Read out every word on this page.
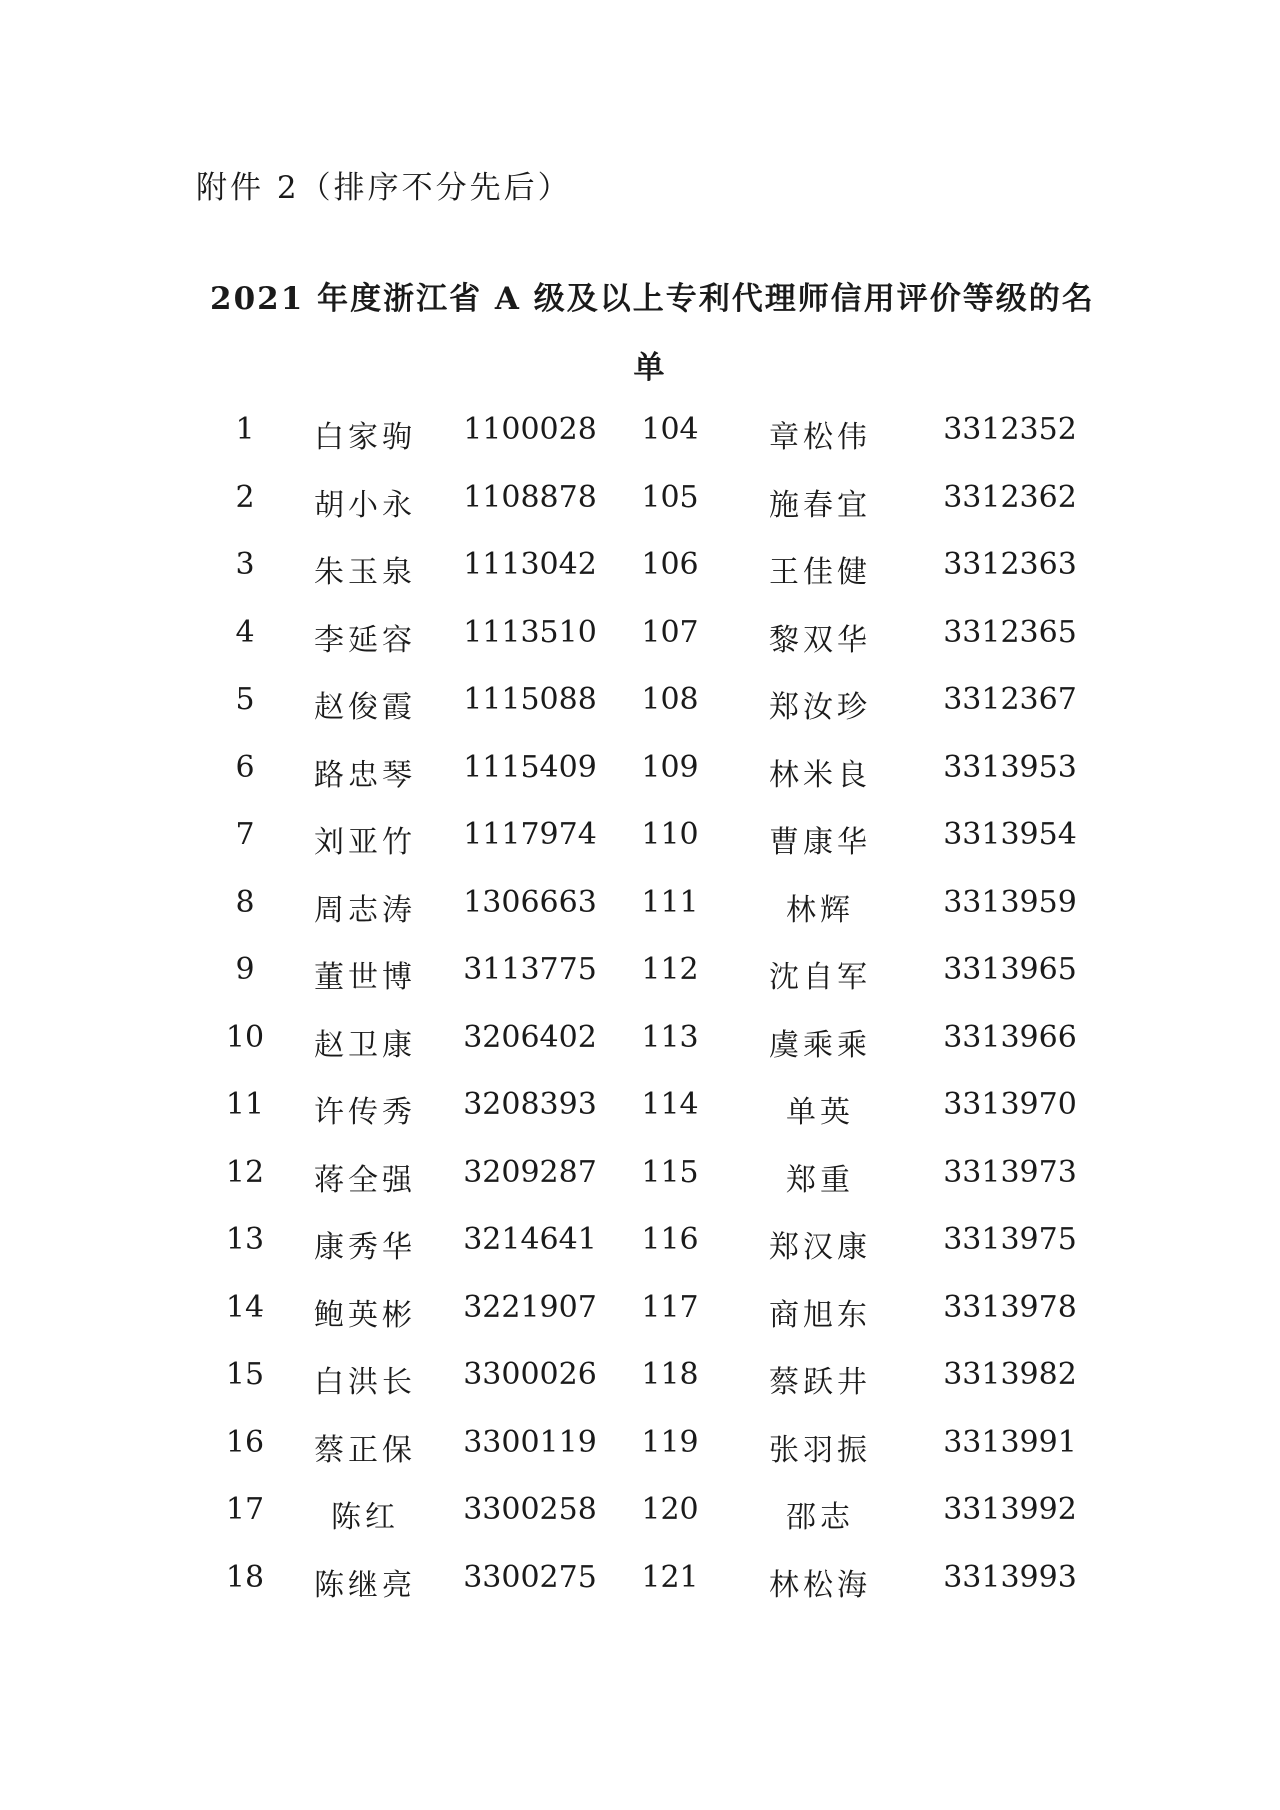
附件 2（排序不分先后）
2021 年度浙江省 A 级及以上专利代理师信用评价等级的名
单
1	白家驹	1100028	104	章松伟	3312352
2	胡小永	1108878	105	施春宜	3312362
3	朱玉泉	1113042	106	王佳健	3312363
4	李延容	1113510	107	黎双华	3312365
5	赵俊霞	1115088	108	郑汝珍	3312367
6	路忠琴	1115409	109	林米良	3313953
7	刘亚竹	1117974	110	曹康华	3313954
8	周志涛	1306663	111	林辉	3313959
9	董世博	3113775	112	沈自军	3313965
10	赵卫康	3206402	113	虞乘乘	3313966
11	许传秀	3208393	114	单英	3313970
12	蒋全强	3209287	115	郑重	3313973
13	康秀华	3214641	116	郑汉康	3313975
14	鲍英彬	3221907	117	商旭东	3313978
15	白洪长	3300026	118	蔡跃井	3313982
16	蔡正保	3300119	119	张羽振	3313991
17	陈红	3300258	120	邵志	3313992
18	陈继亮	3300275	121	林松海	3313993
